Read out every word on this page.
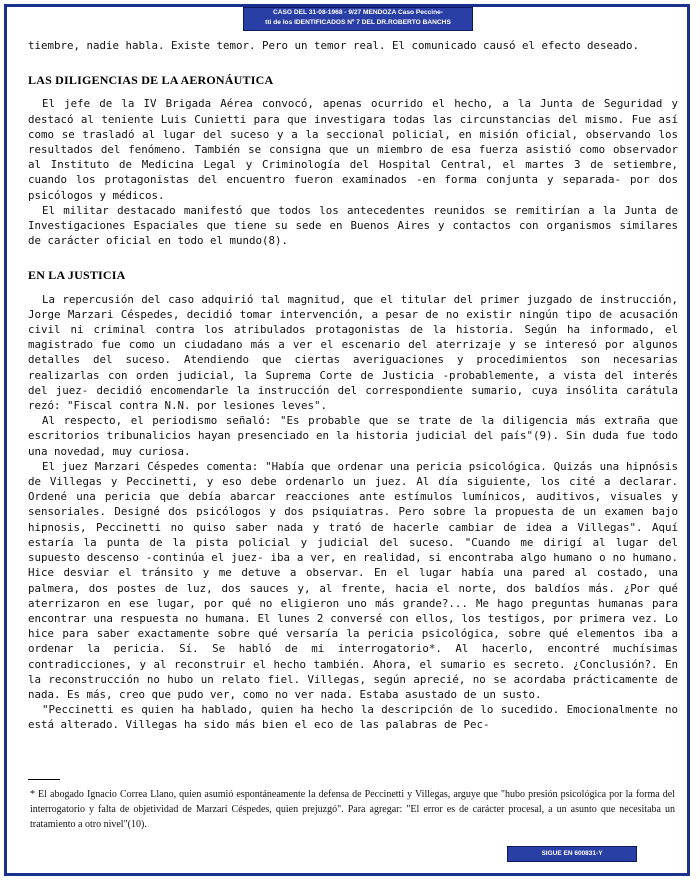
CASO DEL 31-08-1968 - 9/27 MENDOZA Caso Peccine-
tti de los IDENTIFICADOS Nº 7 DEL DR.ROBERTO BANCHS

tiembre, nadie habla. Existe temor. Pero un temor real. El comunicado causó el efecto deseado.

LAS DILIGENCIAS DE LA AERONÁUTICA

El jefe de la IV Brigada Aérea convocó, apenas ocurrido el hecho, a la Junta de Seguridad y destacó al teniente Luis Cunietti para que investigara todas las circunstancias del mismo. Fue así como se trasladó al lugar del suceso y a la seccional policial, en misión oficial, observando los resultados del fenómeno. También se consigna que un miembro de esa fuerza asistió como observador al Instituto de Medicina Legal y Criminología del Hospital Central, el martes 3 de setiembre, cuando los protagonistas del encuentro fueron examinados -en forma conjunta y separada- por dos psicólogos y médicos.

El militar destacado manifestó que todos los antecedentes reunidos se remitirían a la Junta de Investigaciones Espaciales que tiene su sede en Buenos Aires y contactos con organismos similares de carácter oficial en todo el mundo(8).

EN LA JUSTICIA

La repercusión del caso adquirió tal magnitud, que el titular del primer juzgado de instrucción, Jorge Marzari Céspedes, decidió tomar intervención, a pesar de no existir ningún tipo de acusación civil ni criminal contra los atribulados protagonistas de la historia. Según ha informado, el magistrado fue como un ciudadano más a ver el escenario del aterrizaje y se interesó por algunos detalles del suceso. Atendiendo que ciertas averiguaciones y procedimientos son necesarias realizarlas con orden judicial, la Suprema Corte de Justicia -probablemente, a vista del interés del juez- decidió encomendarle la instrucción del correspondiente sumario, cuya insólita carátula rezó: "Fiscal contra N.N. por lesiones leves".

Al respecto, el periodismo señaló: "Es probable que se trate de la diligencia más extraña que escritorios tribunalicios hayan presenciado en la historia judicial del país"(9). Sin duda fue todo una novedad, muy curiosa.

El juez Marzari Céspedes comenta: "Había que ordenar una pericia psicológica. Quizás una hipnósis de Villegas y Peccinetti, y eso debe ordenarlo un juez. Al día siguiente, los cité a declarar. Ordené una pericia que debía abarcar reacciones ante estímulos lumínicos, auditivos, visuales y sensoriales. Designé dos psicólogos y dos psiquiatras. Pero sobre la propuesta de un examen bajo hipnosis, Peccinetti no quiso saber nada y trató de hacerle cambiar de idea a Villegas". Aquí estaría la punta de la pista policial y judicial del suceso. "Cuando me dirigí al lugar del supuesto descenso -continúa el juez- iba a ver, en realidad, si encontraba algo humano o no humano. Hice desviar el tránsito y me detuve a observar. En el lugar había una pared al costado, una palmera, dos postes de luz, dos sauces y, al frente, hacia el norte, dos baldíos más. ¿Por qué aterrizaron en ese lugar, por qué no eligieron uno más grande?... Me hago preguntas humanas para encontrar una respuesta no humana. El lunes 2 conversé con ellos, los testigos, por primera vez. Lo hice para saber exactamente sobre qué versaría la pericia psicológica, sobre qué elementos iba a ordenar la pericia. Sí. Se habló de mi interrogatorio*. Al hacerlo, encontré muchísimas contradicciones, y al reconstruir el hecho también. Ahora, el sumario es secreto. ¿Conclusión?. En la reconstrucción no hubo un relato fiel. Villegas, según aprecié, no se acordaba prácticamente de nada. Es más, creo que pudo ver, como no ver nada. Estaba asustado de un susto.

"Peccinetti es quien ha hablado, quien ha hecho la descripción de lo sucedido. Emocionalmente no está alterado. Villegas ha sido más bien el eco de las palabras de Pec-

* El abogado Ignacio Correa Llano, quien asumió espontáneamente la defensa de Peccinetti y Villegas, arguye que "hubo presión psicológica por la forma del interrogatorio y falta de objetividad de Marzari Céspedes, quien prejuzgó". Para agregar: "El error es de carácter procesal, a un asunto que necesitaba un tratamiento a otro nivel"(10).
SIGUE EN 600831-Y
